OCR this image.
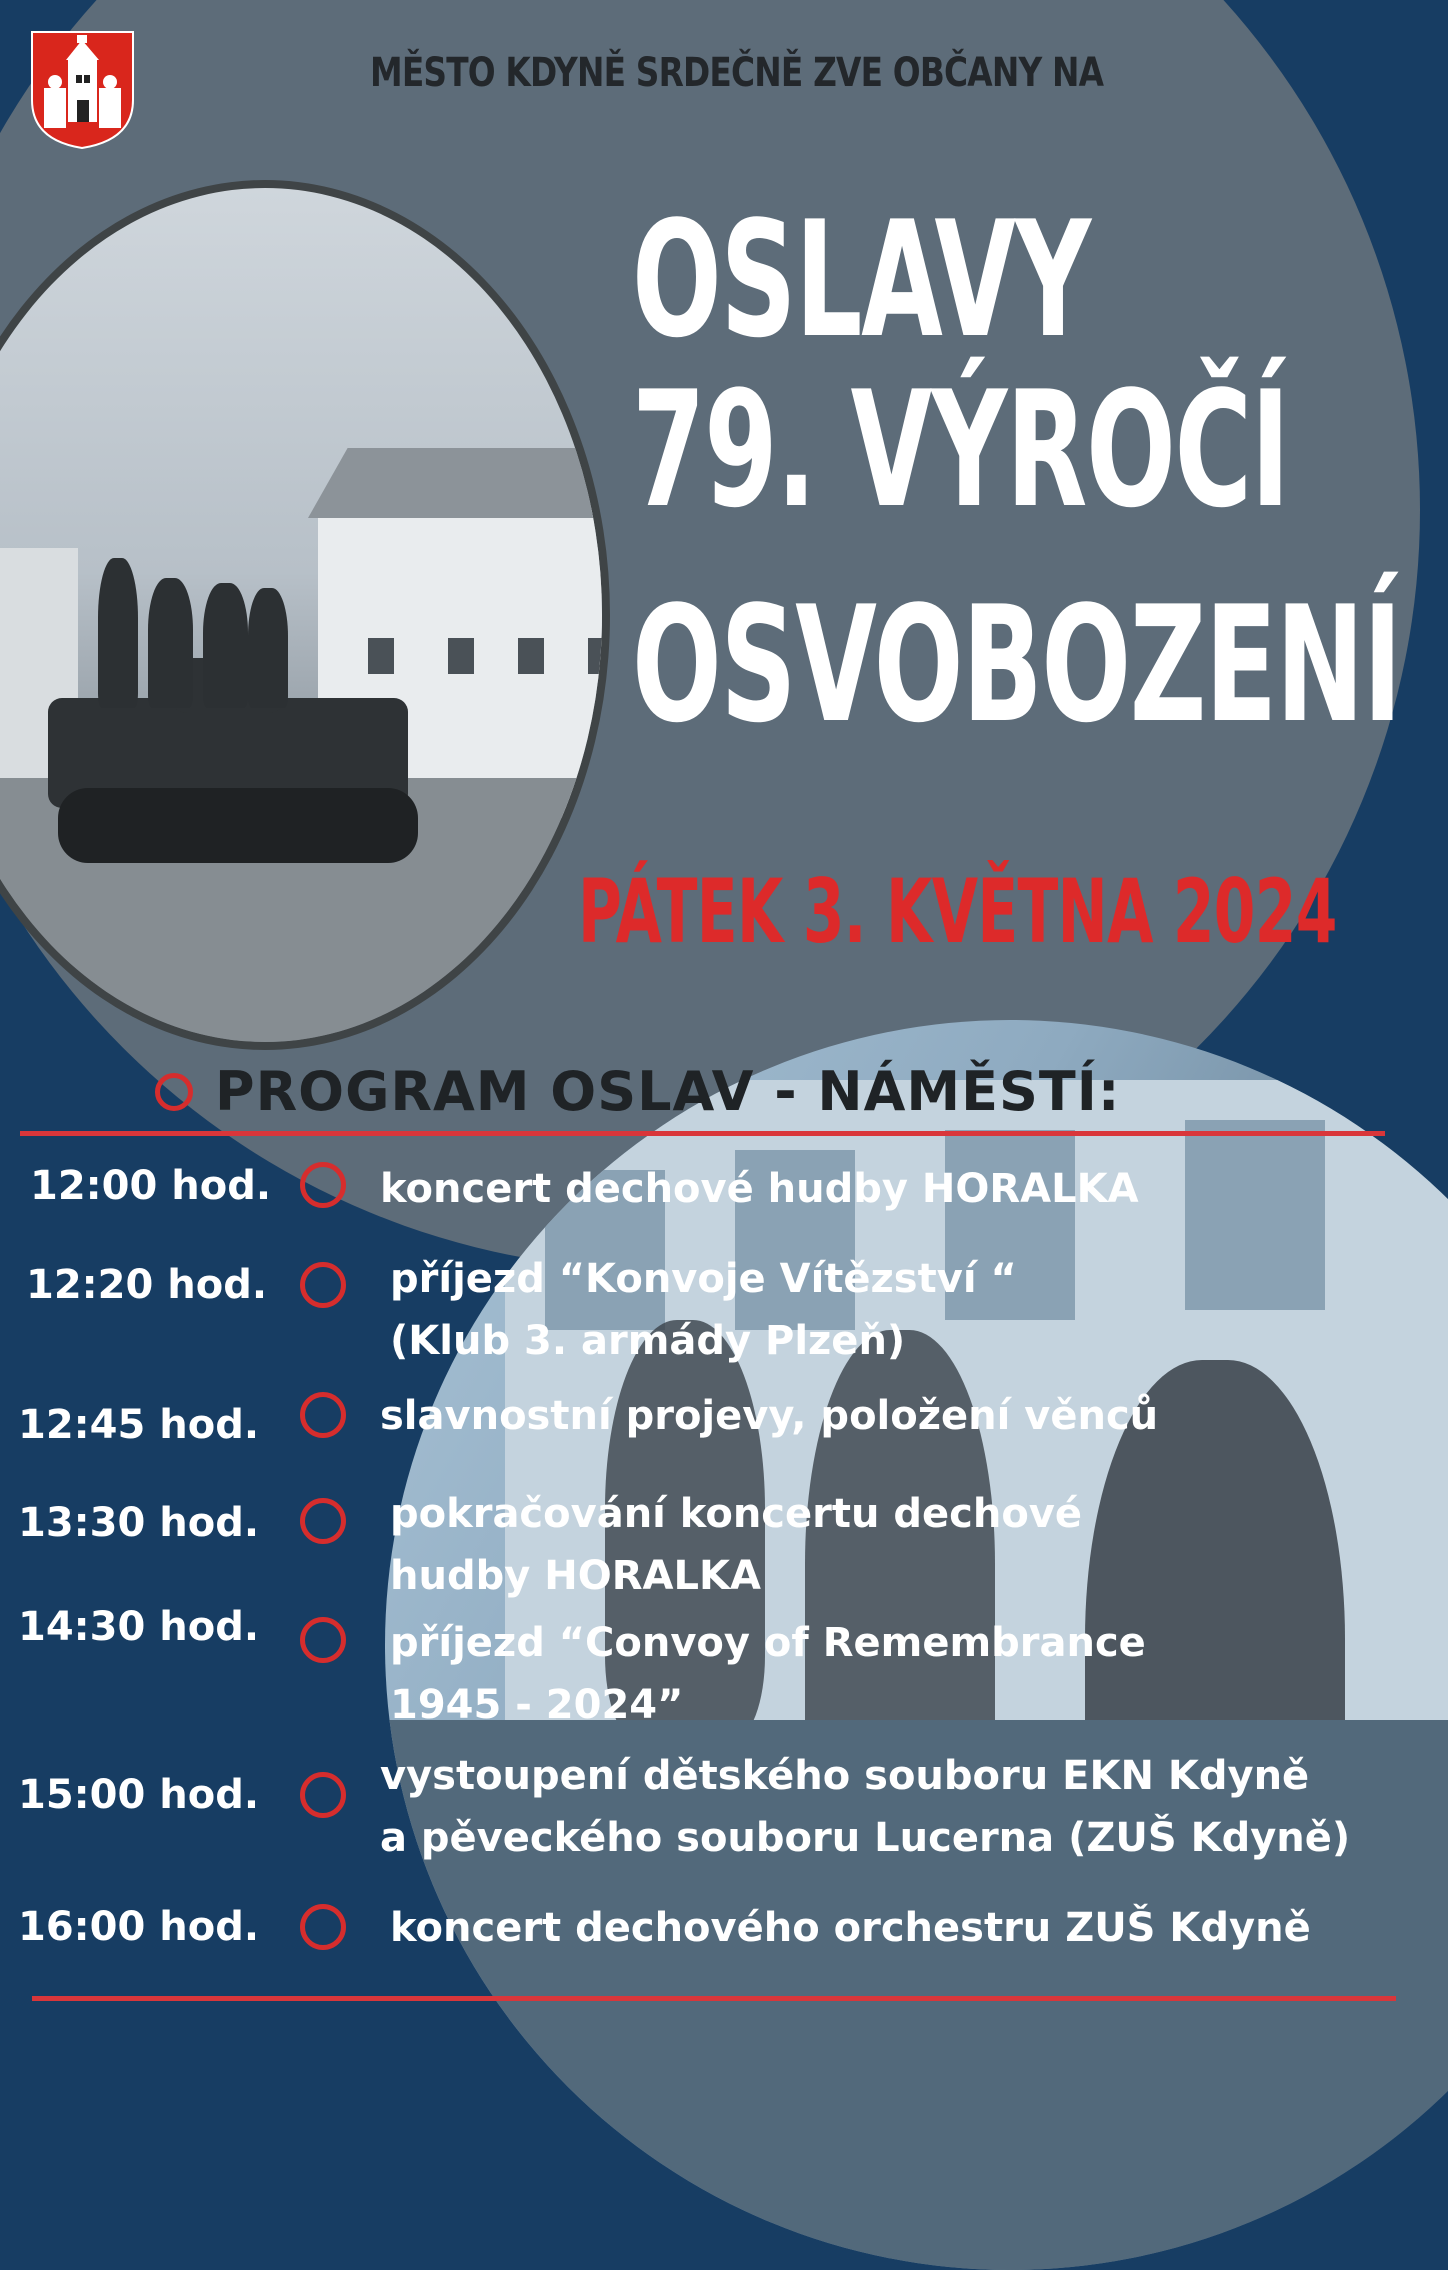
MĚSTO KDYNĚ SRDEČNĚ ZVE OBČANY NA
OSLAVY
79. VÝROČÍ
OSVOBOZENÍ
PÁTEK 3. KVĚTNA 2024
PROGRAM OSLAV - NÁMĚSTÍ:
12:00 hod.	koncert dechové hudby HORALKA
12:20 hod.	příjezd “Konvoje Vítězství “
(Klub 3. armády Plzeň)
12:45 hod.	slavnostní projevy, položení věnců
13:30 hod.	pokračování koncertu dechové
hudby HORALKA
14:30 hod.	příjezd “Convoy of Remembrance
1945 - 2024”
15:00 hod.	vystoupení dětského souboru EKN Kdyně
a pěveckého souboru Lucerna (ZUŠ Kdyně)
16:00 hod.	koncert dechového orchestru ZUŠ Kdyně
